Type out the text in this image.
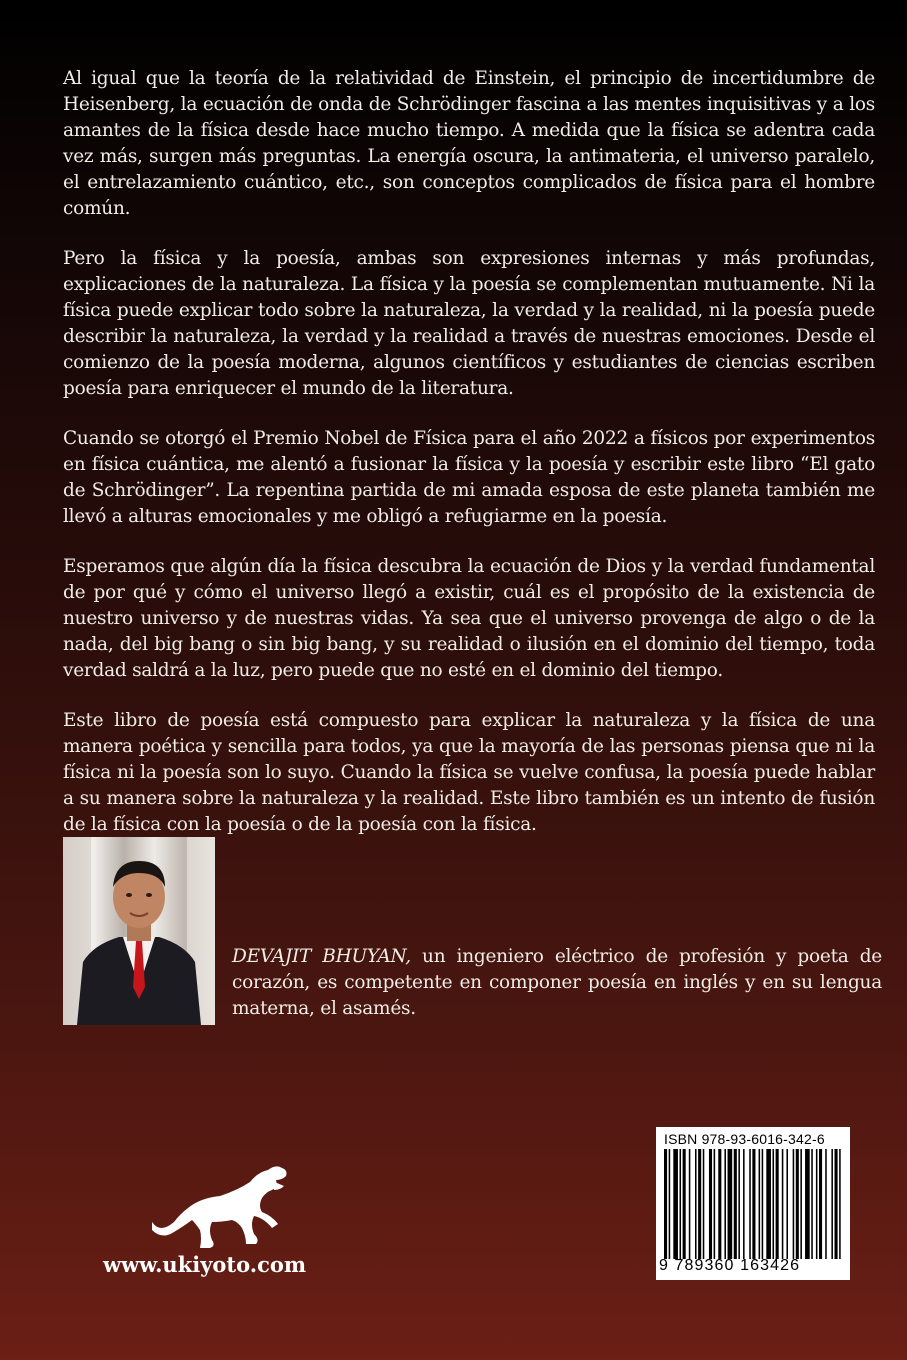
Al igual que la teoría de la relatividad de Einstein, el principio de incertidumbre de Heisenberg, la ecuación de onda de Schrödinger fascina a las mentes inquisitivas y a los amantes de la física desde hace mucho tiempo. A medida que la física se adentra cada vez más, surgen más preguntas. La energía oscura, la antimateria, el universo paralelo, el entrelazamiento cuántico, etc., son conceptos complicados de física para el hombre común.

Pero la física y la poesía, ambas son expresiones internas y más profundas, explicaciones de la naturaleza. La física y la poesía se complementan mutuamente. Ni la física puede explicar todo sobre la naturaleza, la verdad y la realidad, ni la poesía puede describir la naturaleza, la verdad y la realidad a través de nuestras emociones. Desde el comienzo de la poesía moderna, algunos científicos y estudiantes de ciencias escriben poesía para enriquecer el mundo de la literatura.

Cuando se otorgó el Premio Nobel de Física para el año 2022 a físicos por experimentos en física cuántica, me alentó a fusionar la física y la poesía y escribir este libro “El gato de Schrödinger”. La repentina partida de mi amada esposa de este planeta también me llevó a alturas emocionales y me obligó a refugiarme en la poesía.

Esperamos que algún día la física descubra la ecuación de Dios y la verdad fundamental de por qué y cómo el universo llegó a existir, cuál es el propósito de la existencia de nuestro universo y de nuestras vidas. Ya sea que el universo provenga de algo o de la nada, del big bang o sin big bang, y su realidad o ilusión en el dominio del tiempo, toda verdad saldrá a la luz, pero puede que no esté en el dominio del tiempo.

Este libro de poesía está compuesto para explicar la naturaleza y la física de una manera poética y sencilla para todos, ya que la mayoría de las personas piensa que ni la física ni la poesía son lo suyo. Cuando la física se vuelve confusa, la poesía puede hablar a su manera sobre la naturaleza y la realidad. Este libro también es un intento de fusión de la física con la poesía o de la poesía con la física.

DEVAJIT BHUYAN, un ingeniero eléctrico de profesión y poeta de corazón, es competente en componer poesía en inglés y en su lengua materna, el asamés.
www.ukiyoto.com
ISBN 978-93-6016-342-6
9 789360 163426
